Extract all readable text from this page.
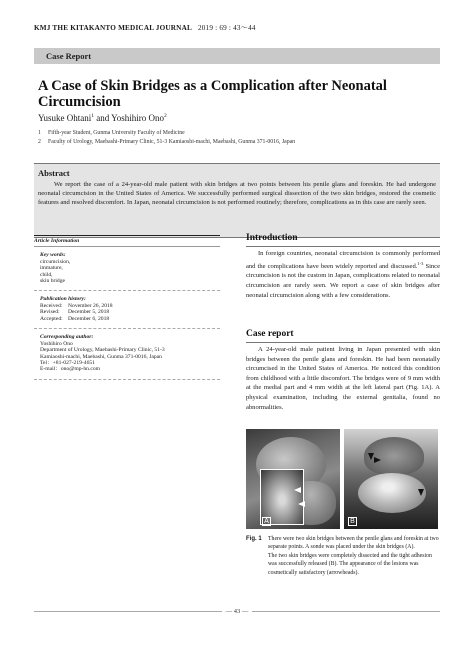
KMJ THE KITAKANTO MEDICAL JOURNAL 2019 : 69 : 43～44
Case Report
A Case of Skin Bridges as a Complication after Neonatal Circumcision
Yusuke Ohtani$^1$ and Yoshihiro Ono$^2$
1	Fifth-year Student, Gunma University Faculty of Medicine
2	Faculty of Urology, Maebashi-Primary Clinic, 51-3 Kamiaoshi-machi, Maebashi, Gunma 371-0016, Japan
Abstract
We report the case of a 24-year-old male patient with skin bridges at two points between his penile glans and foreskin. He had undergone neonatal circumcision in the United States of America. We successfully performed surgical dissection of the two skin bridges, restored the cosmetic features and resolved discomfort. In Japan, neonatal circumcision is not performed routinely; therefore, complications as in this case are rarely seen.
Article Information
Key words:
circumcision,
immature,
child,
skin bridge
Publication history:
Received:	November 26, 2018
Revised:	December 5, 2018
Accepted: December 6, 2018
Corresponding author:
Yoshihiro Ono
Department of Urology, Maebashi-Primary Clinic, 51-3
Kamiaoshi-machi, Maebashi, Gunma 371-0016, Japan
Tel：+81-027-219-4651
E-mail：ono@mp-hn.com
Introduction
In foreign countries, neonatal circumcision is commonly performed and the complications have been widely reported and discussed.$^{1-3}$ Since circumcision is not the custom in Japan, complications related to neonatal circumcision are rarely seen. We report a case of skin bridges after neonatal circumcision along with a few considerations.
Case report
A 24-year-old male patient living in Japan presented with skin bridges between the penile glans and foreskin. He had been neonatally circumcised in the United States of America. He noticed this condition from childhood with a little discomfort. The bridges were of 9 mm width at the medial part and 4 mm width at the left lateral part (Fig. 1A). A physical examination, including the external genitalia, found no abnormalities.
A	B
Fig. 1	There were two skin bridges between the penile glans and foreskin at two separate points. A sonde was placed under the skin bridges (A).
The two skin bridges were completely dissected and the tight adhesion was successfully released (B). The appearance of the lesions was cosmetically satisfactory (arrowheads).
― 43 ―
